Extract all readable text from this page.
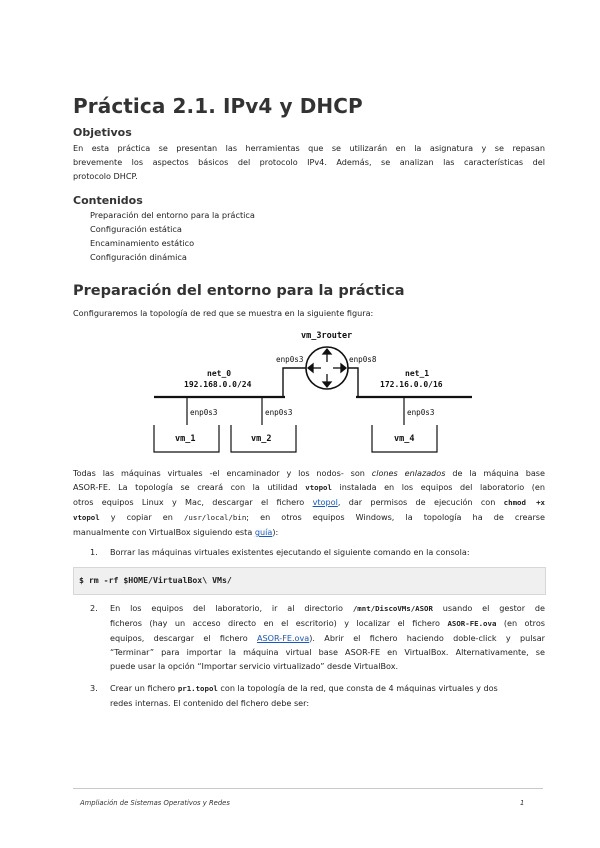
Práctica 2.1. IPv4 y DHCP
Objetivos
En esta práctica se presentan las herramientas que se utilizarán en la asignatura y se repasan
brevemente los aspectos básicos del protocolo IPv4. Además, se analizan las características del
protocolo DHCP.
Contenidos
Preparación del entorno para la práctica
Configuración estática
Encaminamiento estático
Configuración dinámica
Preparación del entorno para la práctica
Configuraremos la topología de red que se muestra en la siguiente figura:
vm_3router
enp0s3	enp0s8
net_0
192.168.0.0/24
net_1
172.16.0.0/16
enp0s3
vm_1
enp0s3
vm_2
enp0s3
vm_4
Todas las máquinas virtuales -el encaminador y los nodos- son clones enlazados de la máquina base
ASOR-FE. La topología se creará con la utilidad vtopol instalada en los equipos del laboratorio (en
otros equipos Linux y Mac, descargar el fichero vtopol, dar permisos de ejecución con chmod +x
vtopol y copiar en /usr/local/bin; en otros equipos Windows, la topología ha de crearse
manualmente con VirtualBox siguiendo esta guía):
1. Borrar las máquinas virtuales existentes ejecutando el siguiente comando en la consola:
$ rm -rf $HOME/VirtualBox\ VMs/
2. En los equipos del laboratorio, ir al directorio /mnt/DiscoVMs/ASOR usando el gestor de
ficheros (hay un acceso directo en el escritorio) y localizar el fichero ASOR-FE.ova (en otros
equipos, descargar el fichero ASOR-FE.ova). Abrir el fichero haciendo doble-click y pulsar
“Terminar” para importar la máquina virtual base ASOR-FE en VirtualBox. Alternativamente, se
puede usar la opción “Importar servicio virtualizado” desde VirtualBox.
3. Crear un fichero pr1.topol con la topología de la red, que consta de 4 máquinas virtuales y dos
redes internas. El contenido del fichero debe ser:
Ampliación de Sistemas Operativos y Redes	1
